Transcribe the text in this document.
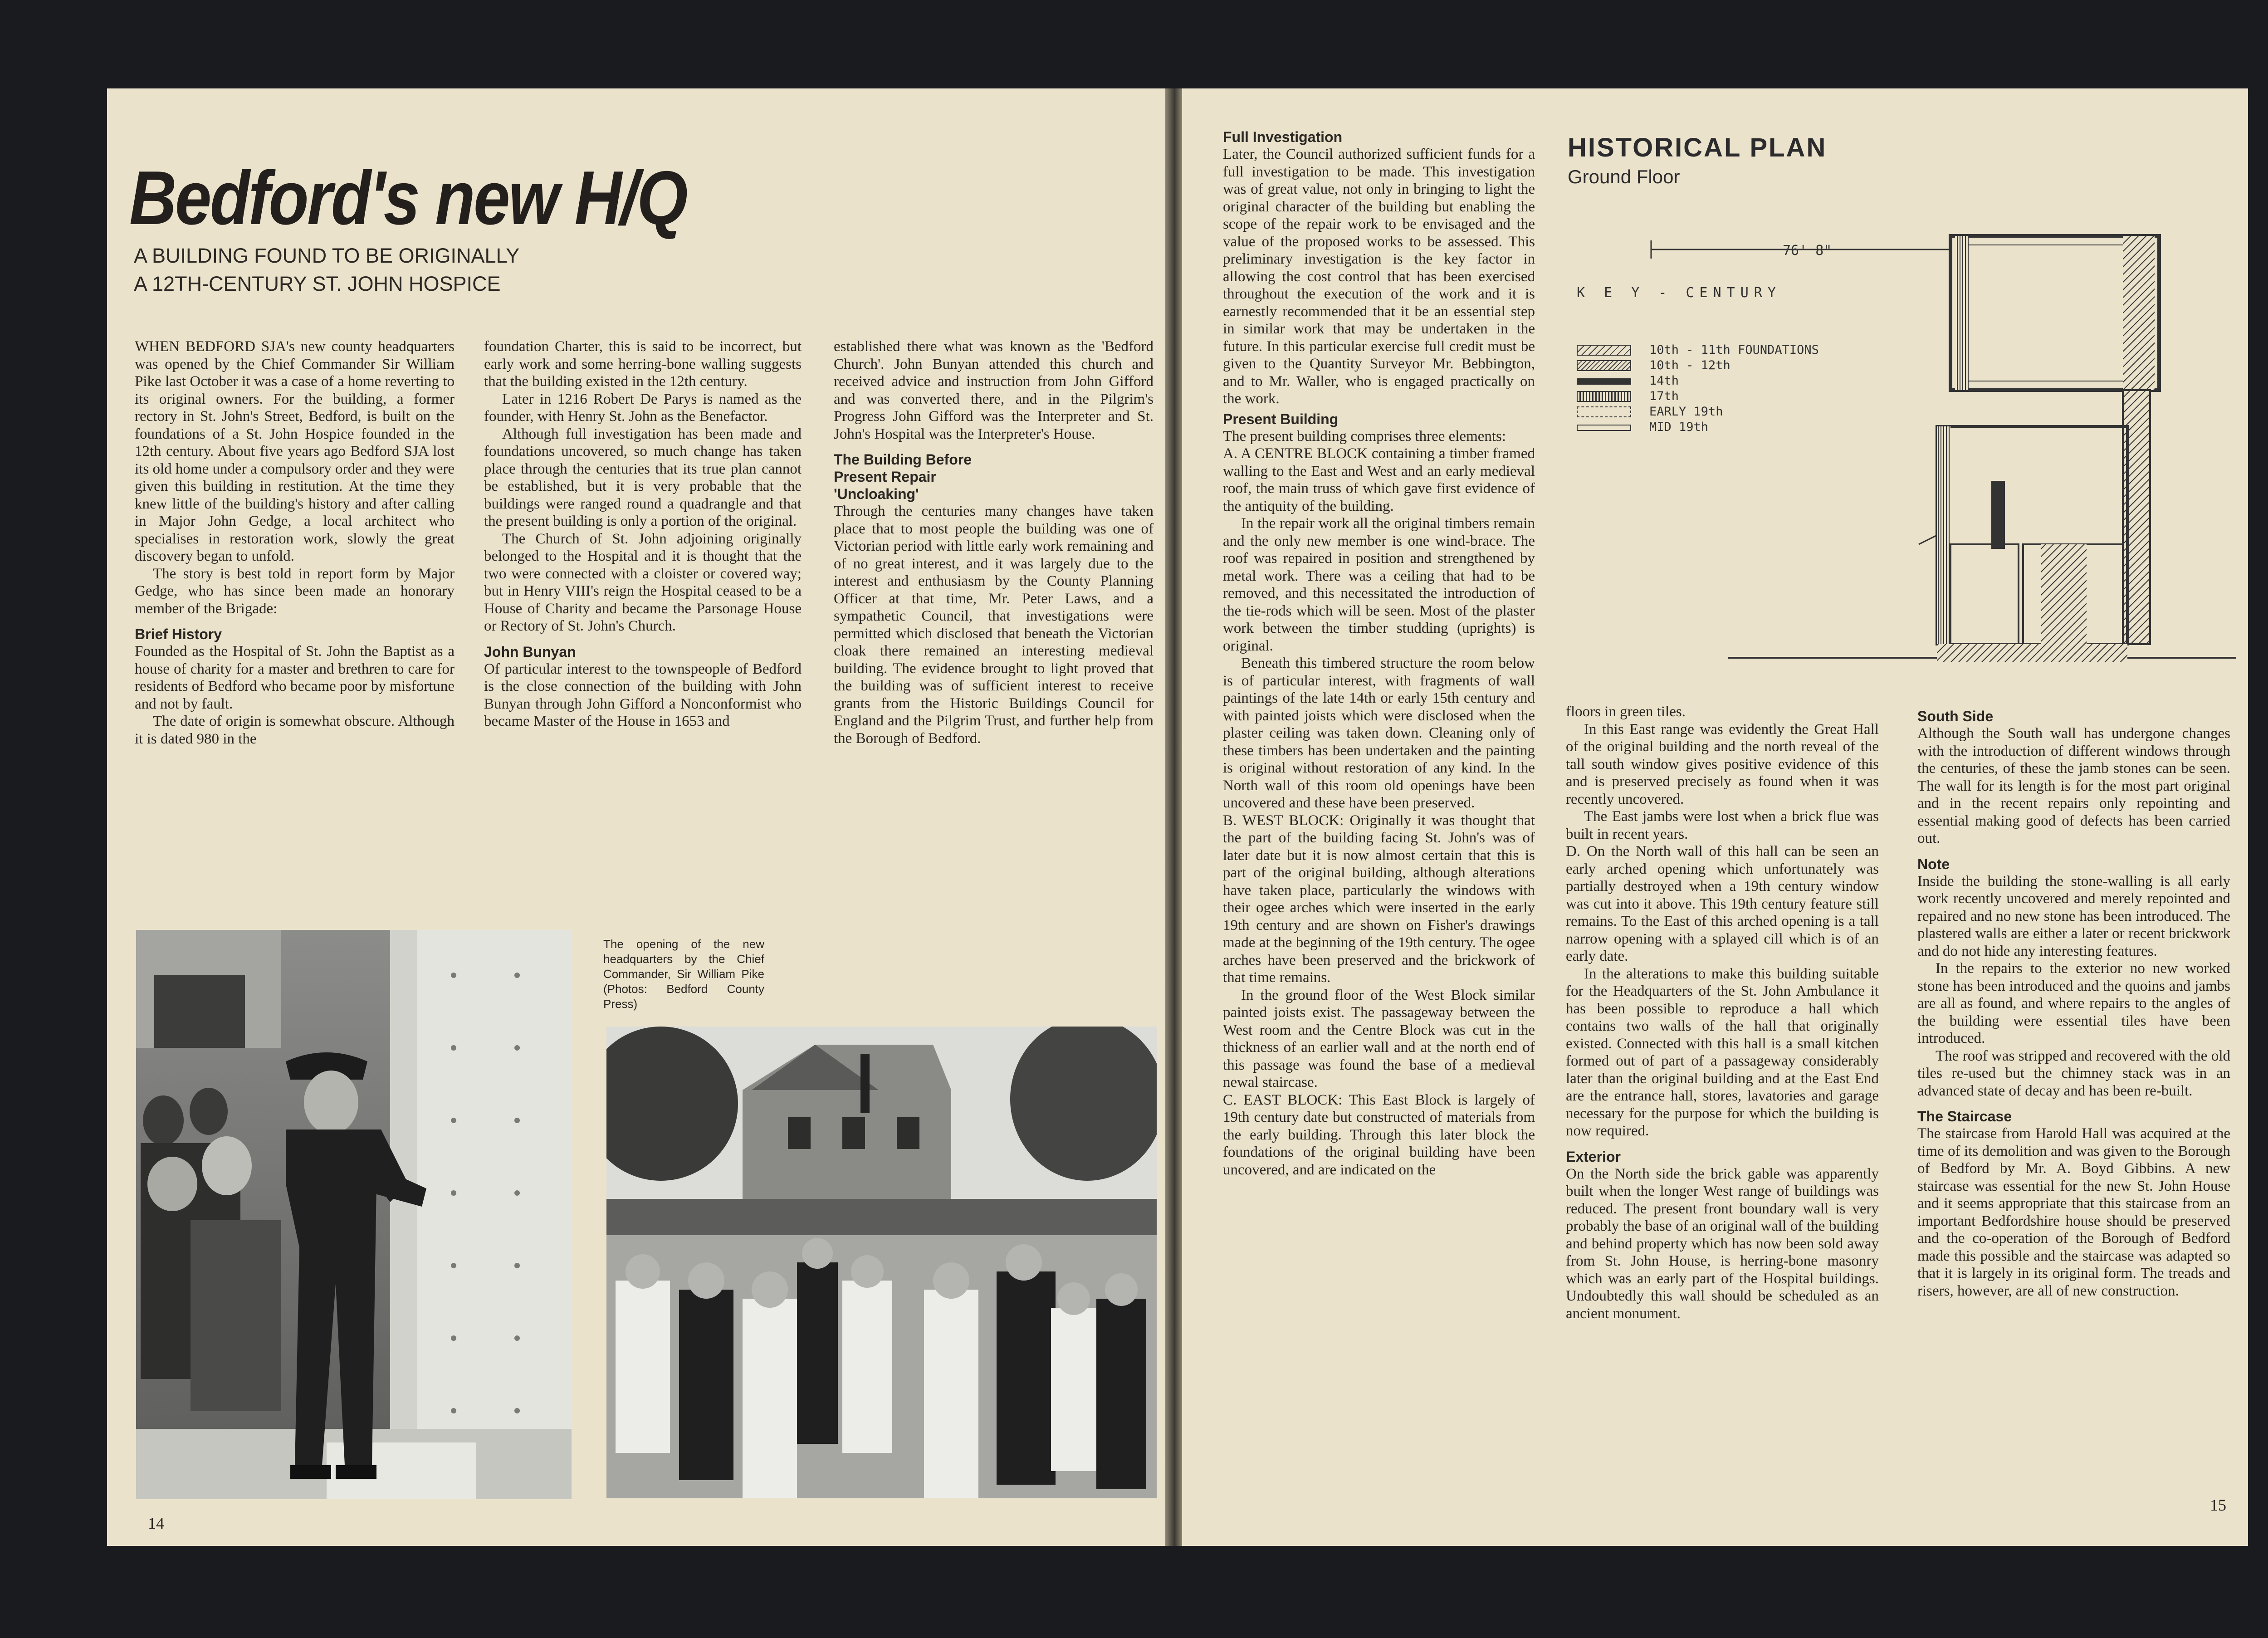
Bedford's new H/Q
A BUILDING FOUND TO BE ORIGINALLY
A 12TH-CENTURY ST. JOHN HOSPICE

WHEN BEDFORD SJA's new county headquarters was opened by the Chief Commander Sir William Pike last October it was a case of a home reverting to its original owners. For the building, a former rectory in St. John's Street, Bedford, is built on the foundations of a St. John Hospice founded in the 12th century. About five years ago Bedford SJA lost its old home under a compulsory order and they were given this building in restitution. At the time they knew little of the building's history and after calling in Major John Gedge, a local architect who specialises in restoration work, slowly the great discovery began to unfold.

The story is best told in report form by Major Gedge, who has since been made an honorary member of the Brigade:

Brief History

Founded as the Hospital of St. John the Baptist as a house of charity for a master and brethren to care for residents of Bedford who became poor by misfortune and not by fault.

The date of origin is somewhat obscure. Although it is dated 980 in the

foundation Charter, this is said to be incorrect, but early work and some herring-bone walling suggests that the building existed in the 12th century.

Later in 1216 Robert De Parys is named as the founder, with Henry St. John as the Benefactor.

Although full investigation has been made and foundations uncovered, so much change has taken place through the centuries that its true plan cannot be established, but it is very probable that the buildings were ranged round a quadrangle and that the present building is only a portion of the original.

The Church of St. John adjoining originally belonged to the Hospital and it is thought that the two were connected with a cloister or covered way; but in Henry VIII's reign the Hospital ceased to be a House of Charity and became the Parsonage House or Rectory of St. John's Church.

John Bunyan

Of particular interest to the townspeople of Bedford is the close connection of the building with John Bunyan through John Gifford a Nonconformist who became Master of the House in 1653 and

established there what was known as the 'Bedford Church'. John Bunyan attended this church and received advice and instruction from John Gifford and was converted there, and in the Pilgrim's Progress John Gifford was the Interpreter and St. John's Hospital was the Interpreter's House.

The Building Before
Present Repair
'Uncloaking'

Through the centuries many changes have taken place that to most people the building was one of Victorian period with little early work remaining and of no great interest, and it was largely due to the interest and enthusiasm by the County Planning Officer at that time, Mr. Peter Laws, and a sympathetic Council, that investigations were permitted which disclosed that beneath the Victorian cloak there remained an interesting medieval building. The evidence brought to light proved that the building was of sufficient interest to receive grants from the Historic Buildings Council for England and the Pilgrim Trust, and further help from the Borough of Bedford.

The opening of the new headquarters by the Chief Commander, Sir William Pike (Photos: Bedford County Press)
14
Full Investigation

Later, the Council authorized sufficient funds for a full investigation to be made. This investigation was of great value, not only in bringing to light the original character of the building but enabling the scope of the repair work to be envisaged and the value of the proposed works to be assessed. This preliminary investigation is the key factor in allowing the cost control that has been exercised throughout the execution of the work and it is earnestly recommended that it be an essential step in similar work that may be undertaken in the future. In this particular exercise full credit must be given to the Quantity Surveyor Mr. Bebbington, and to Mr. Waller, who is engaged practically on the work.

Present Building

The present building comprises three elements:

A. A CENTRE BLOCK containing a timber framed walling to the East and West and an early medieval roof, the main truss of which gave first evidence of the antiquity of the building.

In the repair work all the original timbers remain and the only new member is one wind-brace. The roof was repaired in position and strengthened by metal work. There was a ceiling that had to be removed, and this necessitated the introduction of the tie-rods which will be seen. Most of the plaster work between the timber studding (uprights) is original.

Beneath this timbered structure the room below is of particular interest, with fragments of wall paintings of the late 14th or early 15th century and with painted joists which were disclosed when the plaster ceiling was taken down. Cleaning only of these timbers has been undertaken and the painting is original without restoration of any kind. In the North wall of this room old openings have been uncovered and these have been preserved.

B. WEST BLOCK: Originally it was thought that the part of the building facing St. John's was of later date but it is now almost certain that this is part of the original building, although alterations have taken place, particularly the windows with their ogee arches which were inserted in the early 19th century and are shown on Fisher's drawings made at the beginning of the 19th century. The ogee arches have been preserved and the brickwork of that time remains.

In the ground floor of the West Block similar painted joists exist. The passageway between the West room and the Centre Block was cut in the thickness of an earlier wall and at the north end of this passage was found the base of a medieval newal staircase.

C. EAST BLOCK: This East Block is largely of 19th century date but constructed of materials from the early building. Through this later block the foundations of the original building have been uncovered, and are indicated on the

HISTORICAL PLAN
Ground Floor
K E Y - CENTURY
10th - 11th FOUNDATIONS
10th - 12th
14th
17th
EARLY 19th
MID 19th
76' 8"

floors in green tiles.

In this East range was evidently the Great Hall of the original building and the north reveal of the tall south window gives positive evidence of this and is preserved precisely as found when it was recently uncovered.

The East jambs were lost when a brick flue was built in recent years.

D. On the North wall of this hall can be seen an early arched opening which unfortunately was partially destroyed when a 19th century window was cut into it above. This 19th century feature still remains. To the East of this arched opening is a tall narrow opening with a splayed cill which is of an early date.

In the alterations to make this building suitable for the Headquarters of the St. John Ambulance it has been possible to reproduce a hall which contains two walls of the hall that originally existed. Connected with this hall is a small kitchen formed out of part of a passageway considerably later than the original building and at the East End are the entrance hall, stores, lavatories and garage necessary for the purpose for which the building is now required.

Exterior

On the North side the brick gable was apparently built when the longer West range of buildings was reduced. The present front boundary wall is very probably the base of an original wall of the building and behind property which has now been sold away from St. John House, is herring-bone masonry which was an early part of the Hospital buildings. Undoubtedly this wall should be scheduled as an ancient monument.

South Side

Although the South wall has undergone changes with the introduction of different windows through the centuries, of these the jamb stones can be seen. The wall for its length is for the most part original and in the recent repairs only repointing and essential making good of defects has been carried out.

Note

Inside the building the stone-walling is all early work recently uncovered and merely repointed and repaired and no new stone has been introduced. The plastered walls are either a later or recent brickwork and do not hide any interesting features.

In the repairs to the exterior no new worked stone has been introduced and the quoins and jambs are all as found, and where repairs to the angles of the building were essential tiles have been introduced.

The roof was stripped and recovered with the old tiles re-used but the chimney stack was in an advanced state of decay and has been re-built.

The Staircase

The staircase from Harold Hall was acquired at the time of its demolition and was given to the Borough of Bedford by Mr. A. Boyd Gibbins. A new staircase was essential for the new St. John House and it seems appropriate that this staircase from an important Bedfordshire house should be preserved and the co-operation of the Borough of Bedford made this possible and the staircase was adapted so that it is largely in its original form. The treads and risers, however, are all of new construction.

15
